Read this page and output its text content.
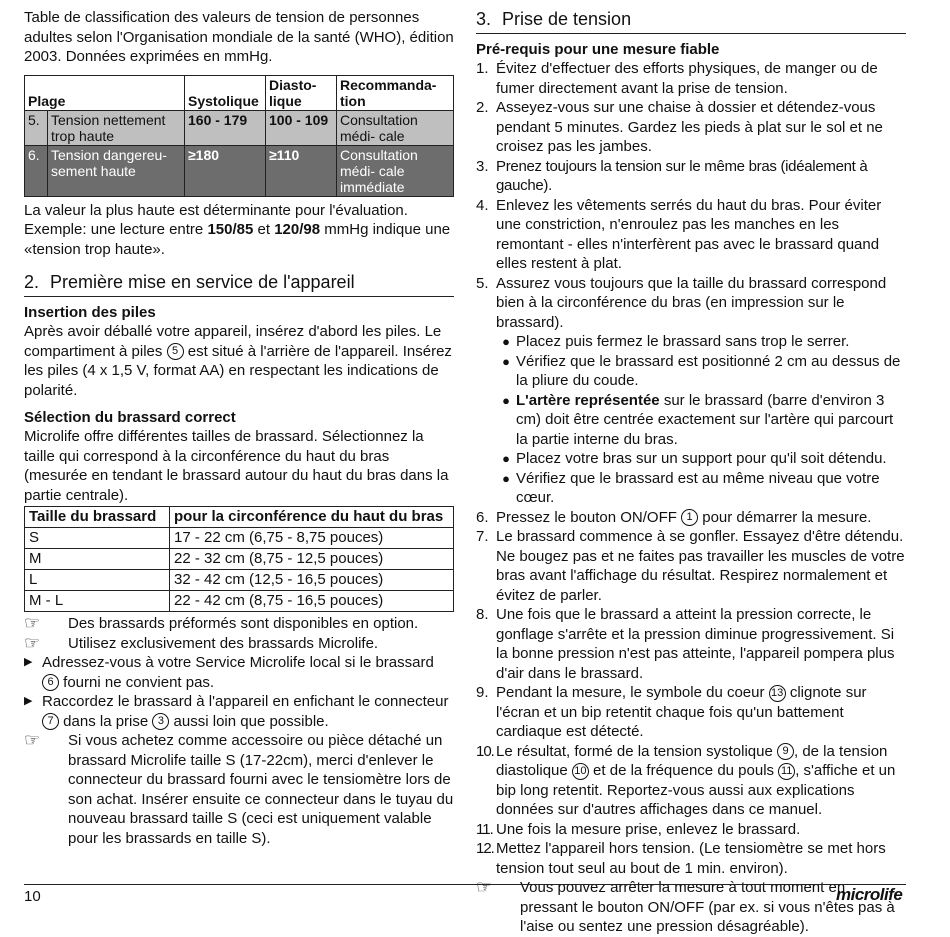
Table de classification des valeurs de tension de personnes adultes selon l'Organisation mondiale de la santé (WHO), édition 2003. Données exprimées en mmHg.

Plage		Systolique	Diasto- lique	Recommanda- tion
5.	Tension nettement trop haute	160 - 179	100 - 109	Consultation médi- cale
6.	Tension dangereu- sement haute	≥180	≥110	Consultation médi- cale immédiate

La valeur la plus haute est déterminante pour l'évaluation. Exemple: une lecture entre 150/85 et 120/98 mmHg indique une «tension trop haute».

2. Première mise en service de l'appareil
Insertion des piles

Après avoir déballé votre appareil, insérez d'abord les piles. Le compartiment à piles 5 est situé à l'arrière de l'appareil. Insérez les piles (4 x 1,5 V, format AA) en respectant les indications de polarité.

Sélection du brassard correct

Microlife offre différentes tailles de brassard. Sélectionnez la taille qui correspond à la circonférence du haut du bras (mesurée en tendant le brassard autour du haut du bras dans la partie centrale).

Taille du brassard	pour la circonférence du haut du bras
S	17 - 22 cm (6,75 - 8,75 pouces)
M	22 - 32 cm (8,75 - 12,5 pouces)
L	32 - 42 cm (12,5 - 16,5 pouces)
M - L	22 - 42 cm (8,75 - 16,5 pouces)
☞	Des brassards préformés sont disponibles en option.
☞	Utilisez exclusivement des brassards Microlife.
▶ Adressez-vous à votre Service Microlife local si le brassard 6 fourni ne convient pas.
▶ Raccordez le brassard à l'appareil en enfichant le connecteur 7 dans la prise 3 aussi loin que possible.
☞	Si vous achetez comme accessoire ou pièce détaché un brassard Microlife taille S (17-22cm), merci d'enlever le connecteur du brassard fourni avec le tensiomètre lors de son achat. Insérer ensuite ce connecteur dans le tuyau du nouveau brassard taille S (ceci est uniquement valable pour les brassards en taille S).
3. Prise de tension
Pré-requis pour une mesure fiable
1. Évitez d'effectuer des efforts physiques, de manger ou de fumer directement avant la prise de tension.
2. Asseyez-vous sur une chaise à dossier et détendez-vous pendant 5 minutes. Gardez les pieds à plat sur le sol et ne croisez pas les jambes.
3. Prenez toujours la tension sur le même bras (idéalement à gauche).
4. Enlevez les vêtements serrés du haut du bras. Pour éviter une constriction, n'enroulez pas les manches en les remontant - elles n'interfèrent pas avec le brassard quand elles restent à plat.
5. Assurez vous toujours que la taille du brassard correspond bien à la circonférence du bras (en impression sur le brassard).
● Placez puis fermez le brassard sans trop le serrer.
● Vérifiez que le brassard est positionné 2 cm au dessus de la pliure du coude.
● L'artère représentée sur le brassard (barre d'environ 3 cm) doit être centrée exactement sur l'artère qui parcourt la partie interne du bras.
● Placez votre bras sur un support pour qu'il soit détendu.
● Vérifiez que le brassard est au même niveau que votre cœur.
6. Pressez le bouton ON/OFF 1 pour démarrer la mesure.
7. Le brassard commence à se gonfler. Essayez d'être détendu. Ne bougez pas et ne faites pas travailler les muscles de votre bras avant l'affichage du résultat. Respirez normalement et évitez de parler.
8. Une fois que le brassard a atteint la pression correcte, le gonflage s'arrête et la pression diminue progressivement. Si la bonne pression n'est pas atteinte, l'appareil pompera plus d'air dans le brassard.
9. Pendant la mesure, le symbole du coeur 13 clignote sur l'écran et un bip retentit chaque fois qu'un battement cardiaque est détecté.
10. Le résultat, formé de la tension systolique 9 , de la tension diastolique 10 et de la fréquence du pouls 11 , s'affiche et un bip long retentit. Reportez-vous aussi aux explications données sur d'autres affichages dans ce manuel.
11. Une fois la mesure prise, enlevez le brassard.
12. Mettez l'appareil hors tension. (Le tensiomètre se met hors tension tout seul au bout de 1 min. environ).
☞	Vous pouvez arrêter la mesure à tout moment en pressant le bouton ON/OFF (par ex. si vous n'êtes pas à l'aise ou sentez une pression désagréable).
10	microlife
